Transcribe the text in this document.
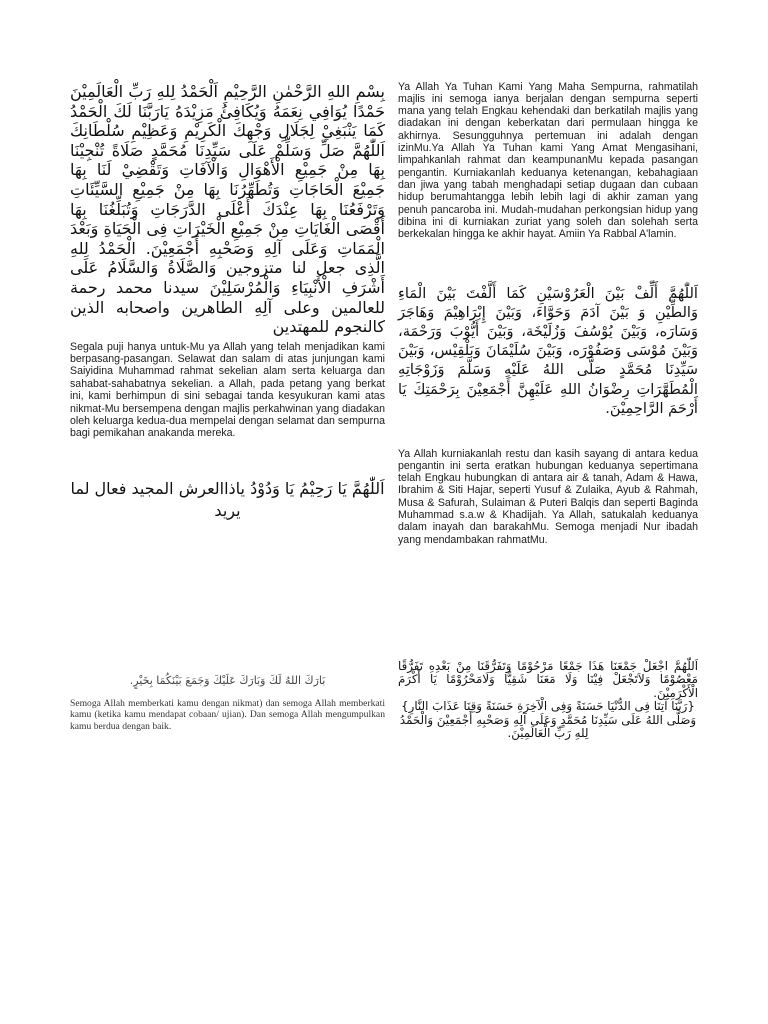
بِسْمِ اللهِ الرَّحْمٰنِ الرَّحِيْمِ اَلْحَمْدُ لِلهِ رَبِّ الْعَالَمِيْنَ حَمْدًا يُوَافِي نِعَمَهُ وَيُكَافِئُ مَزِيْدَهُ يَارَبَّنَا لَكَ الْحَمْدُ كَمَا يَنْبَغِيْ لِجَلَالِ وَجْهِكَ الْكَرِيْمِ وَعَظِيْمِ سُلْطَانِكَ اَللّٰهُمَّ صَلِّ وَسَلِّمْ عَلَى سَيِّدِنَا مُحَمَّدٍ صَلَاةً تُنْجِيْنَا بِهَا مِنْ جَمِيْعِ الْأَهْوَالِ وَالْآفَاتِ وَتَقْضِيْ لَنَا بِهَا جَمِيْعَ الْحَاجَاتِ وَتُطَهِّرُنَا بِهَا مِنْ جَمِيْعِ السَّيِّئَاتِ وَتَرْفَعُنَا بِهَا عِنْدَكَ أَعْلَى الدَّرَجَاتِ وَتُبَلِّغُنَا بِهَا أَقْصَى الْغَايَاتِ مِنْ جَمِيْعِ الْخَيْرَاتِ فِى الْحَيَاةِ وَبَعْدَ الْمَمَاتِ وَعَلَى آلِهِ وَصَحْبِهِ أَجْمَعِيْنَ. الْحَمْدُ لِلهِ الَّذِى جعل لنا متزوجين وَالصَّلَاةُ وَالسَّلَامُ عَلَى أَشْرَفِ الْأَنْبِيَاءِ وَالْمُرْسَلِيْنَ سيدنا محمد رحمة للعالمين وعلى آلِهِ الطاهرين واصحابه الذين كالنجوم للمهتدين

Segala puji hanya untuk-Mu ya Allah yang telah menjadikan kami berpasang-pasangan. Selawat dan salam di atas junjungan kami Saiyidina Muhammad rahmat sekelian alam serta keluarga dan sahabat-sahabatnya sekelian. a Allah, pada petang yang berkat ini, kami berhimpun di sini sebagai tanda kesyukuran kami atas nikmat-Mu bersempena dengan majlis perkahwinan yang diadakan oleh keluarga kedua-dua mempelai dengan selamat dan sempurna bagi pemikahan anakanda mereka.

اَللّٰهُمَّ يَا رَحِيْمُ يَا وَدُوْدُ ياذاالعرش المجيد فعال لما يريد

Ya Allah Ya Tuhan Kami Yang Maha Sempurna, rahmatilah majlis ini semoga ianya berjalan dengan sempurna seperti mana yang telah Engkau kehendaki dan berkatilah majlis yang diadakan ini dengan keberkatan dari permulaan hingga ke akhirnya. Sesungguhnya pertemuan ini adalah dengan izinMu.Ya Allah Ya Tuhan kami Yang Amat Mengasihani, limpahkanlah rahmat dan keampunanMu kepada pasangan pengantin. Kurniakanlah keduanya ketenangan, kebahagiaan dan jiwa yang tabah menghadapi setiap dugaan dan cubaan hidup berumahtangga lebih lebih lagi di akhir zaman yang penuh pancaroba ini. Mudah-mudahan perkongsian hidup yang dibina ini di kurniakan zuriat yang soleh dan solehah serta berkekalan hingga ke akhir hayat. Amiin Ya Rabbal A'lamin.

اَللّٰهُمَّ أَلِّفْ بَيْنَ الْعَرُوْسَيْنِ كَمَا أَلَّفْتَ بَيْنَ الْمَاءِ وَالطِّيْنِ وَ بَيْنَ آدَمَ وَحَوَّاءَ، وَبَيْنَ إِبْرَاهِيْمَ وَهَاجَرَ وَسَارَه، وَبَيْنَ يُوْسُفَ وَزُلَيْخَة، وَبَيْنَ أَيُّوْبَ وَرَحْمَة، وَبَيْنَ مُوْسَى وَصَفُوْرَه، وَبَيْنَ سُلَيْمَانَ وَبَلْقِيْس، وَبَيْنَ سَيِّدِنَا مُحَمَّدٍ صَلَّى اللهُ عَلَيْهِ وَسَلَّمَ وَزَوْجَاتِهِ الْمُطَهَّرَاتِ رِضْوَانُ اللهِ عَلَيْهِنَّ أَجْمَعِيْنَ بِرَحْمَتِكَ يَا أَرْحَمَ الرَّاحِمِيْنَ.

Ya Allah kurniakanlah restu dan kasih sayang di antara kedua pengantin ini serta eratkan hubungan keduanya sepertimana telah Engkau hubungkan di antara air & tanah, Adam & Hawa, Ibrahim & Siti Hajar, seperti Yusuf & Zulaika, Ayub & Rahmah, Musa & Safurah, Sulaiman & Puteri Balqis dan seperti Baginda Muhammad s.a.w & Khadijah. Ya Allah, satukalah keduanya dalam inayah dan barakahMu. Semoga menjadi Nur ibadah yang mendambakan rahmatMu.

بَارَكَ اللهُ لَكَ وَبَارَكَ عَلَيْكَ وَجَمَعَ بَيْنَكُمَا بِخَيْرٍ.

Semoga Allah memberkati kamu dengan nikmat) dan semoga Allah memberkati kamu (ketika kamu mendapat cobaan/ ujian). Dan semoga Allah mengumpulkan kamu berdua dengan baik.

اَللّٰهُمَّ اجْعَلْ جَمْعَنَا هَذَا جَمْعًا مَرْحُوْمًا وَتَفَرُّقَنَا مِنْ بَعْدِهِ تَفَرُّقًا مَعْصُوْمًا وَلاَتَجْعَلْ فِيْنَا وَلَا مَعَنَا شَقِيًّا وَلَامَحْرُوْمًا يَا أَكْرَمَ الْأَكْرَمِيْنَ.
{رَبَّنَا آتِنَا فِى الدُّنْيَا حَسَنَةً وَفِى الْآخِرَةِ حَسَنَةً وَقِنَا عَذَابَ النَّارِ}
وَصَلَّى اللهُ عَلَى سَيِّدِنَا مُحَمَّدٍ وَعَلَى آلِهِ وَصَحْبِهِ أَجْمَعِيْنَ وَالْحَمْدُ لِلهِ رَبِّ الْعَالَمِيْنَ.
